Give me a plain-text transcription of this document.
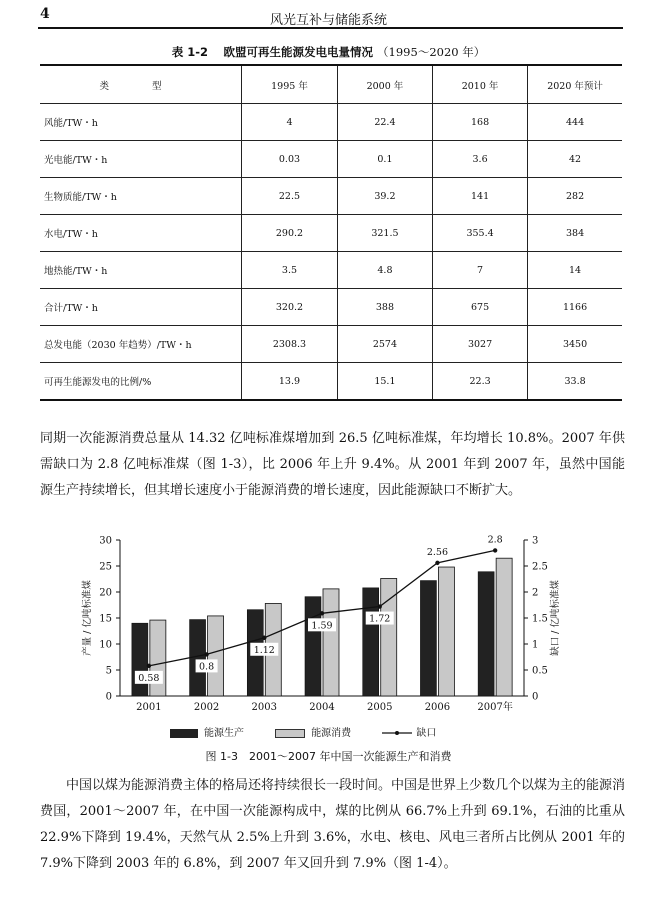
4	风光互补与储能系统
表 1-2　 欧盟可再生能源发电电量情况 （1995～2020 年）
类 型	1995 年	2000 年	2010 年	2020 年预计
风能/TW・h	4	22.4	168	444
光电能/TW・h	0.03	0.1	3.6	42
生物质能/TW・h	22.5	39.2	141	282
水电/TW・h	290.2	321.5	355.4	384
地热能/TW・h	3.5	4.8	7	14
合计/TW・h	320.2	388	675	1166
总发电能（2030 年趋势）/TW・h	2308.3	2574	3027	3450
可再生能源发电的比例/%	13.9	15.1	22.3	33.8
同期一次能源消费总量从 14.32 亿吨标准煤增加到 26.5 亿吨标准煤，年均增长 10.8%。2007 年供需缺口为 2.8 亿吨标准煤（图 1-3），比 2006 年上升 9.4%。从 2001 年到 2007 年，虽然中国能源生产持续增长，但其增长速度小于能源消费的增长速度，因此能源缺口不断扩大。
0
5
10
15
20
25
30
0
0.5
1
1.5
2
2.5
3
产量 / 亿吨标准煤	缺口 / 亿吨标准煤
2001	2002	2003	2004	2005	2006	2007年
0.58
0.8
1.12
1.59
1.72
2.56
2.8
能源生产	能源消费	缺口
图 1-3　2001～2007 年中国一次能源生产和消费
中国以煤为能源消费主体的格局还将持续很长一段时间。中国是世界上少数几个以煤为主的能源消费国，2001～2007 年，在中国一次能源构成中，煤的比例从 66.7%上升到 69.1%，石油的比重从 22.9%下降到 19.4%，天然气从 2.5%上升到 3.6%，水电、核电、风电三者所占比例从 2001 年的 7.9%下降到 2003 年的 6.8%，到 2007 年又回升到 7.9%（图 1-4）。
